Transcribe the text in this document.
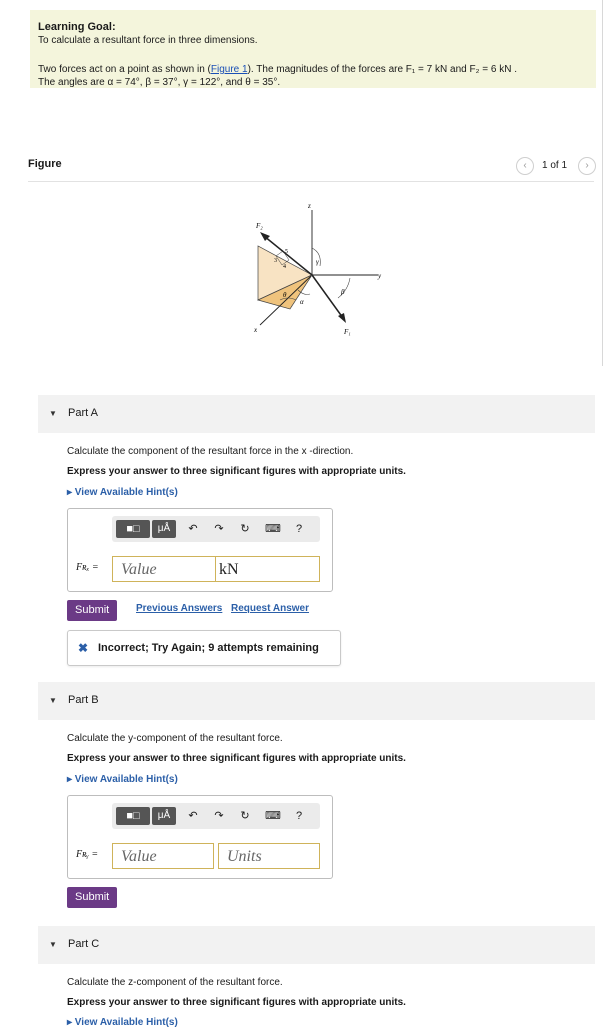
Learning Goal:
To calculate a resultant force in three dimensions.
Two forces act on a point as shown in (Figure 1). The magnitudes of the forces are F₁ = 7 kN and F₂ = 6 kN .
The angles are α = 74°, β = 37°, γ = 122°, and θ = 35°.
Figure	‹	1 of 1	›
z
y
x
F₂
F₁
γ
β
α
θ
3
4
5
▼ Part A
Calculate the component of the resultant force in the x -direction.
Express your answer to three significant figures with appropriate units.
▸ View Available Hint(s)
■□	μÅ	↶	↷	↻	⌨	?
Fʀₓ =	Value	kN
Submit	Previous Answers Request Answer
✖ Incorrect; Try Again; 9 attempts remaining
▼ Part B
Calculate the y-component of the resultant force.
Express your answer to three significant figures with appropriate units.
▸ View Available Hint(s)
■□	μÅ	↶	↷	↻	⌨	?
Fʀᵧ =	Value	Units
Submit
▼ Part C
Calculate the z-component of the resultant force.
Express your answer to three significant figures with appropriate units.
▸ View Available Hint(s)
